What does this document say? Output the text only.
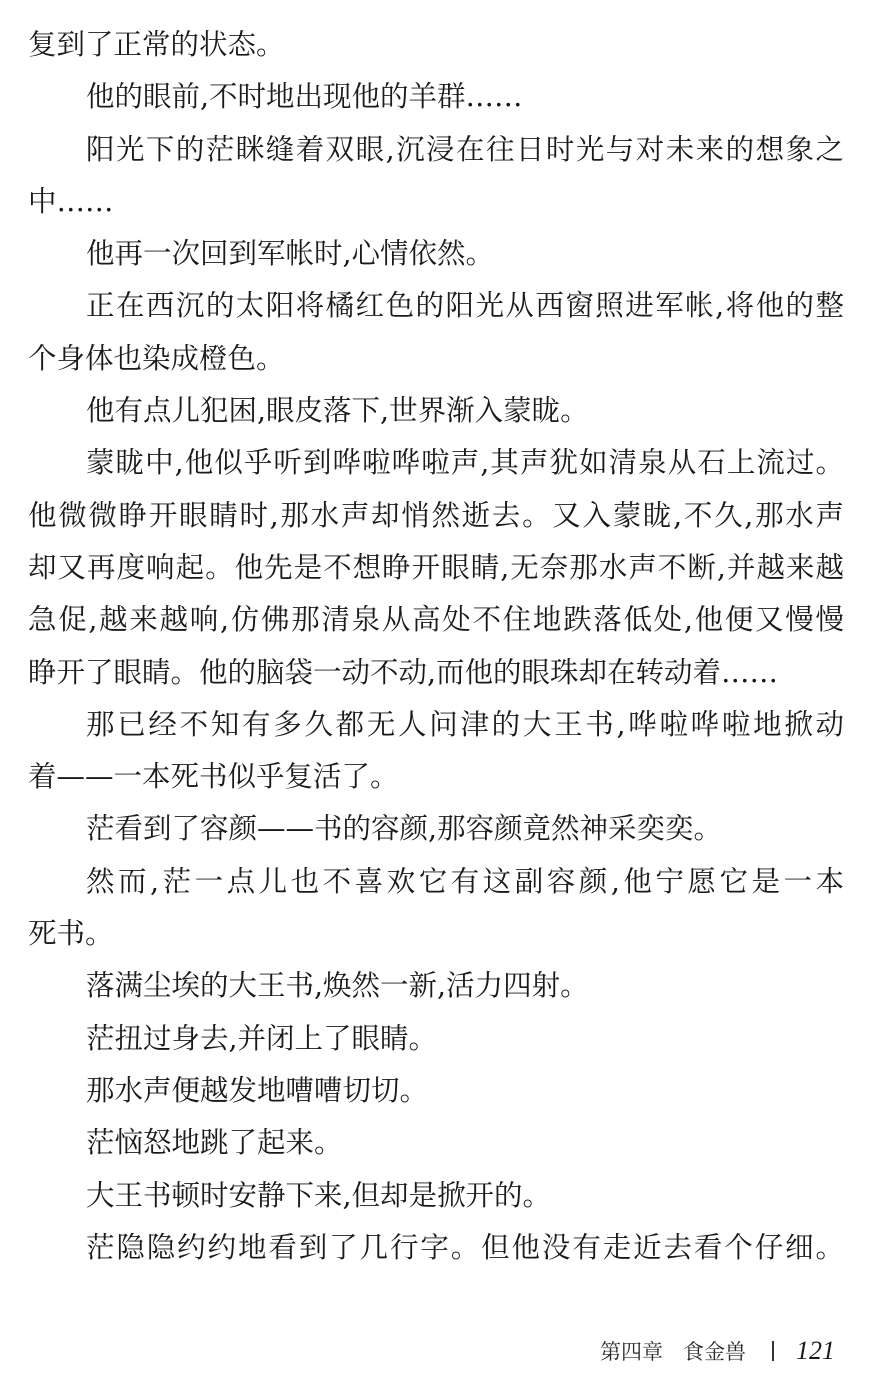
复到了正常的状态。
他的眼前,不时地出现他的羊群……
阳光下的茫眯缝着双眼,沉浸在往日时光与对未来的想象之
中……
他再一次回到军帐时,心情依然。
正在西沉的太阳将橘红色的阳光从西窗照进军帐,将他的整
个身体也染成橙色。
他有点儿犯困,眼皮落下,世界渐入蒙眬。
蒙眬中,他似乎听到哗啦哗啦声,其声犹如清泉从石上流过。
他微微睁开眼睛时,那水声却悄然逝去。又入蒙眬,不久,那水声
却又再度响起。他先是不想睁开眼睛,无奈那水声不断,并越来越
急促,越来越响,仿佛那清泉从高处不住地跌落低处,他便又慢慢
睁开了眼睛。他的脑袋一动不动,而他的眼珠却在转动着……
那已经不知有多久都无人问津的大王书,哗啦哗啦地掀动
着——一本死书似乎复活了。
茫看到了容颜——书的容颜,那容颜竟然神采奕奕。
然而,茫一点儿也不喜欢它有这副容颜,他宁愿它是一本
死书。
落满尘埃的大王书,焕然一新,活力四射。
茫扭过身去,并闭上了眼睛。
那水声便越发地嘈嘈切切。
茫恼怒地跳了起来。
大王书顿时安静下来,但却是掀开的。
茫隐隐约约地看到了几行字。但他没有走近去看个仔细。
第四章 食金兽 121
